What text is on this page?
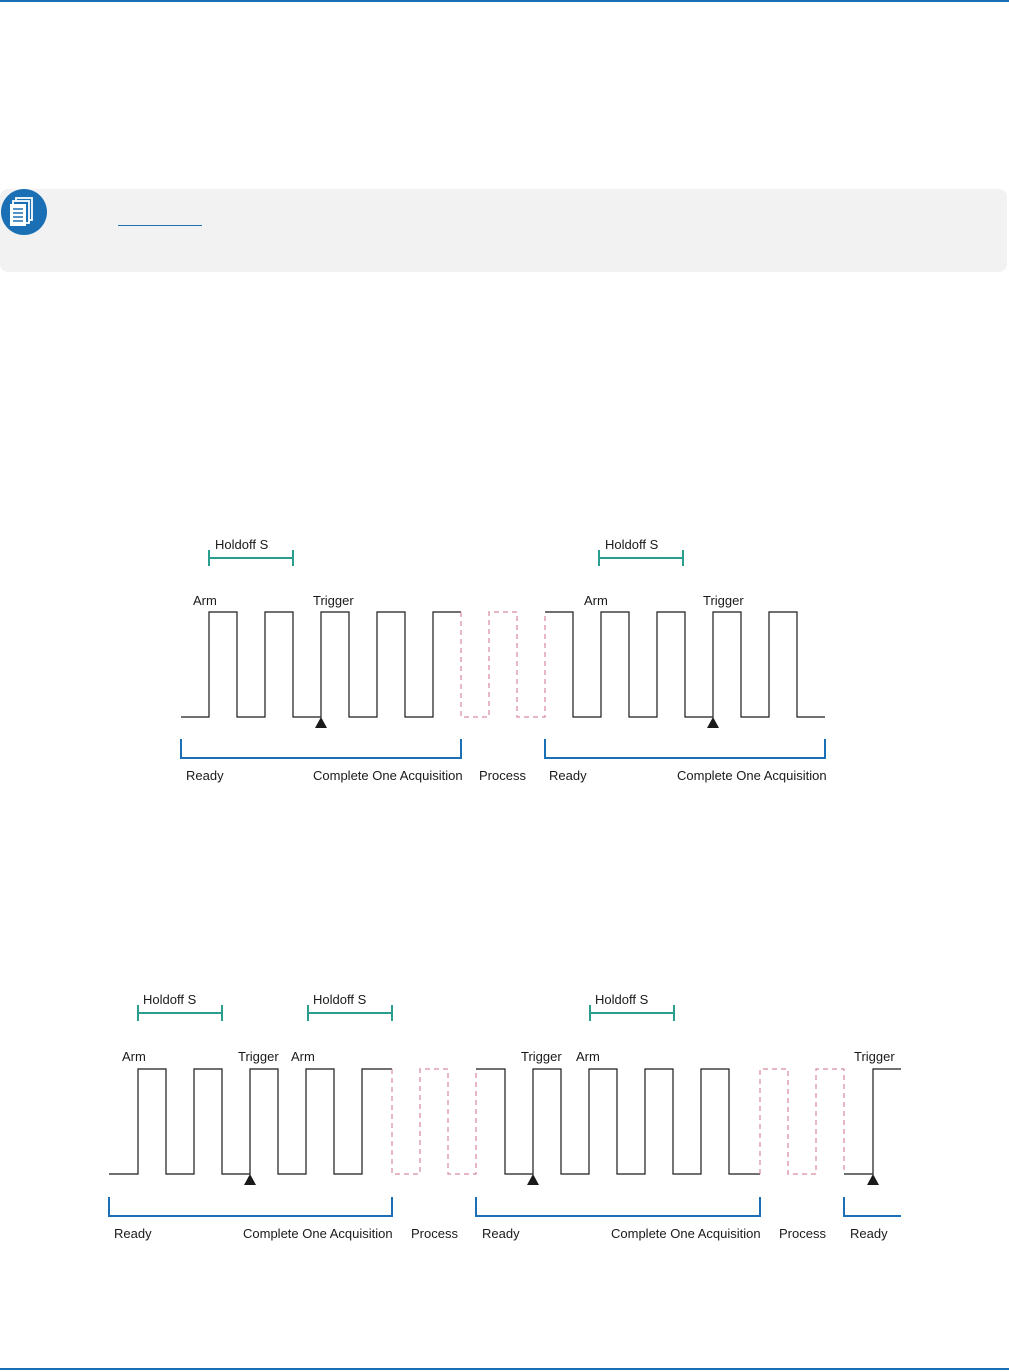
Holdoff S	Holdoff S
Arm	Trigger	Arm	Trigger
Ready	Complete One Acquisition Process Ready	Complete One Acquisition
Holdoff S	Holdoff S	Holdoff S
Arm	Trigger Arm	Trigger Arm	Trigger
Ready	Complete One Acquisition Process Ready	Complete One Acquisition Process Ready
